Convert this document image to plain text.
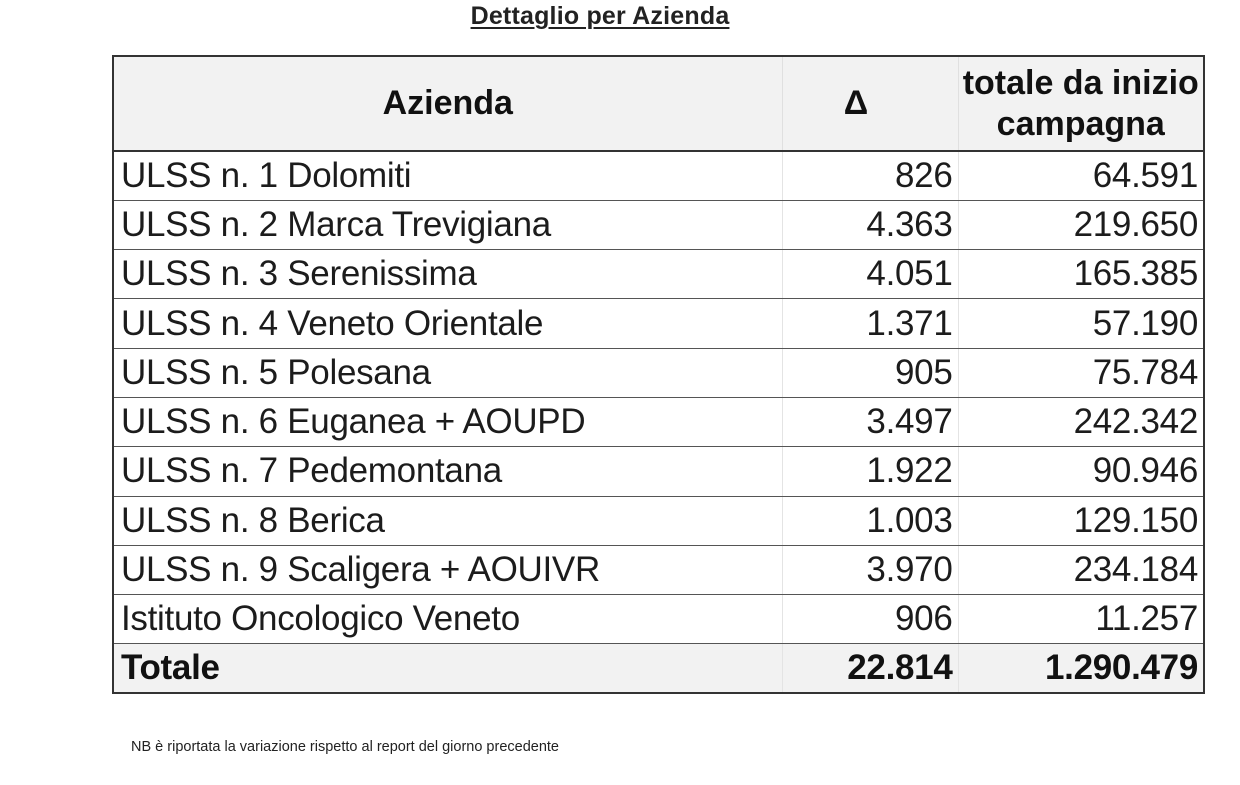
Dettaglio per Azienda
Azienda	Δ	totale da inizio campagna
ULSS n. 1 Dolomiti	826	64.591
ULSS n. 2 Marca Trevigiana	4.363	219.650
ULSS n. 3 Serenissima	4.051	165.385
ULSS n. 4 Veneto Orientale	1.371	57.190
ULSS n. 5 Polesana	905	75.784
ULSS n. 6 Euganea + AOUPD	3.497	242.342
ULSS n. 7 Pedemontana	1.922	90.946
ULSS n. 8 Berica	1.003	129.150
ULSS n. 9 Scaligera + AOUIVR	3.970	234.184
Istituto Oncologico Veneto	906	11.257
Totale	22.814	1.290.479
NB è riportata la variazione rispetto al report del giorno precedente
